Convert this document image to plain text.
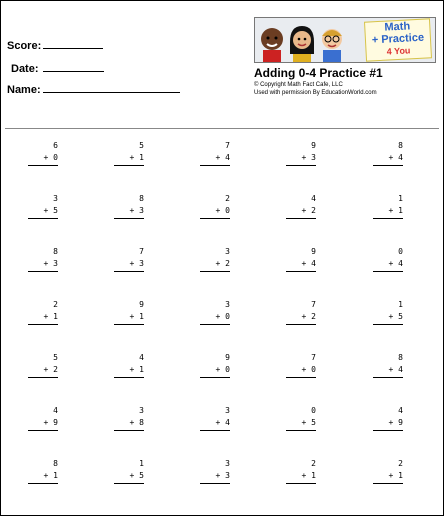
Score:
Date:
Name:
Math
+ Practice
4 You
Adding 0-4 Practice #1
© Copyright Math Fact Cafe, LLC
Used with permission By EducationWorld.com
6
+ 0
5
+ 1
7
+ 4
9
+ 3
8
+ 4
3
+ 5
8
+ 3
2
+ 0
4
+ 2
1
+ 1
8
+ 3
7
+ 3
3
+ 2
9
+ 4
0
+ 4
2
+ 1
9
+ 1
3
+ 0
7
+ 2
1
+ 5
5
+ 2
4
+ 1
9
+ 0
7
+ 0
8
+ 4
4
+ 9
3
+ 8
3
+ 4
0
+ 5
4
+ 9
8
+ 1
1
+ 5
3
+ 3
2
+ 1
2
+ 1
